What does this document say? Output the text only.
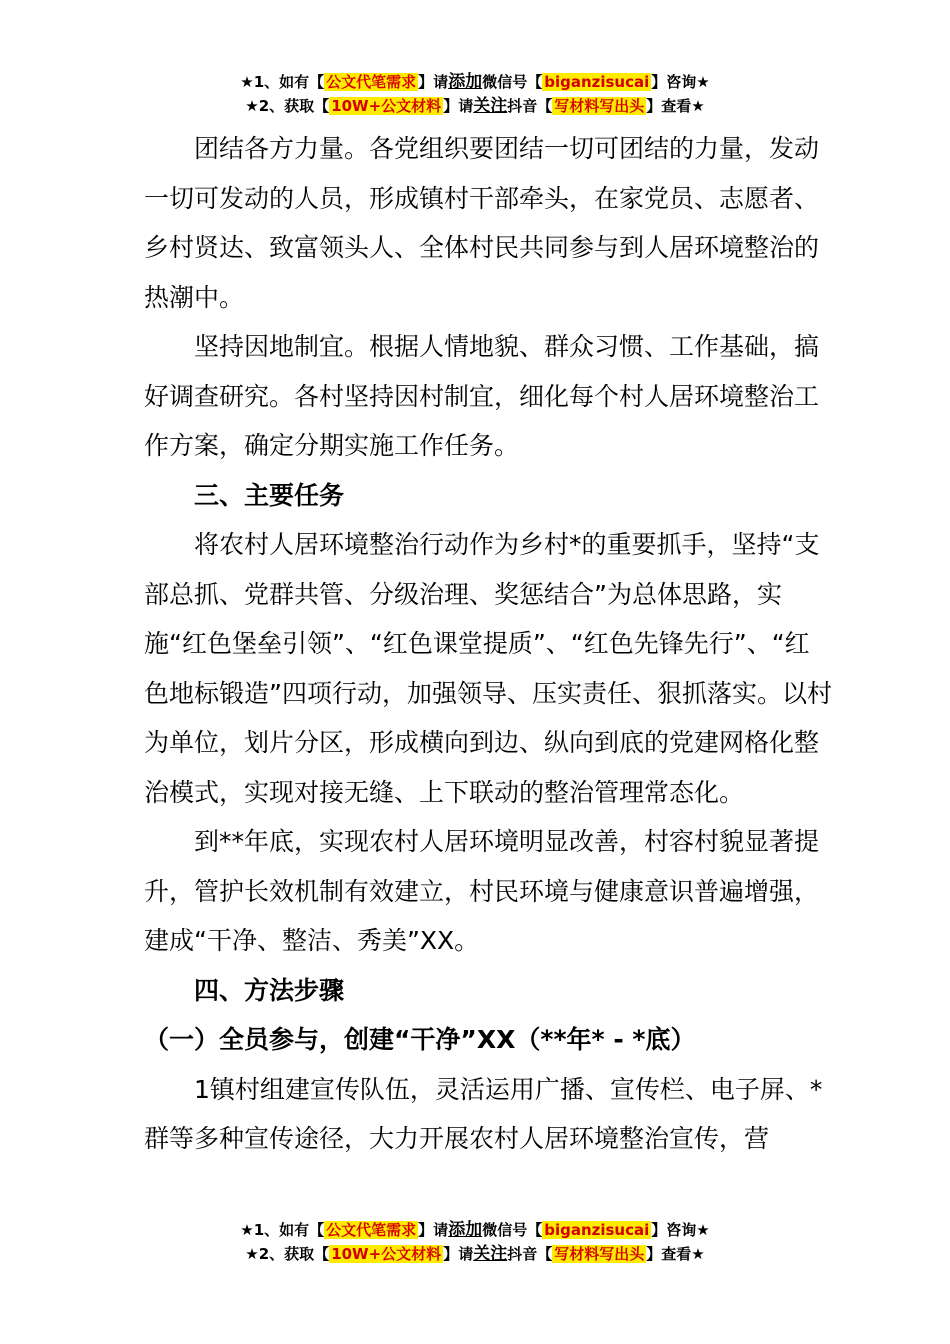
★1、如有【 公文代笔需求 】请添加微信号【 biganzisucai 】咨询★
★2、获取【 10W+公文材料 】请关注抖音【 写材料写出头 】查看★

团结各方力量。各党组织要团结一切可团结的力量，发动一切可发动的人员，形成镇村干部牵头，在家党员、志愿者、乡村贤达、致富领头人、全体村民共同参与到人居环境整治的热潮中。

坚持因地制宜。根据人情地貌、群众习惯、工作基础，搞好调查研究。各村坚持因村制宜，细化每个村人居环境整治工作方案，确定分期实施工作任务。

三、主要任务

将农村人居环境整治行动作为乡村*的重要抓手，坚持“支部总抓、党群共管、分级治理、奖惩结合”为总体思路，实施“红色堡垒引领”、“红色课堂提质”、“红色先锋先行”、“红色地标锻造”四项行动，加强领导、压实责任、狠抓落实。以村为单位，划片分区，形成横向到边、纵向到底的党建网格化整治模式，实现对接无缝、上下联动的整治管理常态化。

到**年底，实现农村人居环境明显改善，村容村貌显著提升，管护长效机制有效建立，村民环境与健康意识普遍增强，建成“干净、整洁、秀美”XX。

四、方法步骤

（一）全员参与，创建“干净”XX（**年* - *底）

1镇村组建宣传队伍，灵活运用广播、宣传栏、电子屏、*群等多种宣传途径，大力开展农村人居环境整治宣传，营

★1、如有【 公文代笔需求 】请添加微信号【 biganzisucai 】咨询★
★2、获取【 10W+公文材料 】请关注抖音【 写材料写出头 】查看★
